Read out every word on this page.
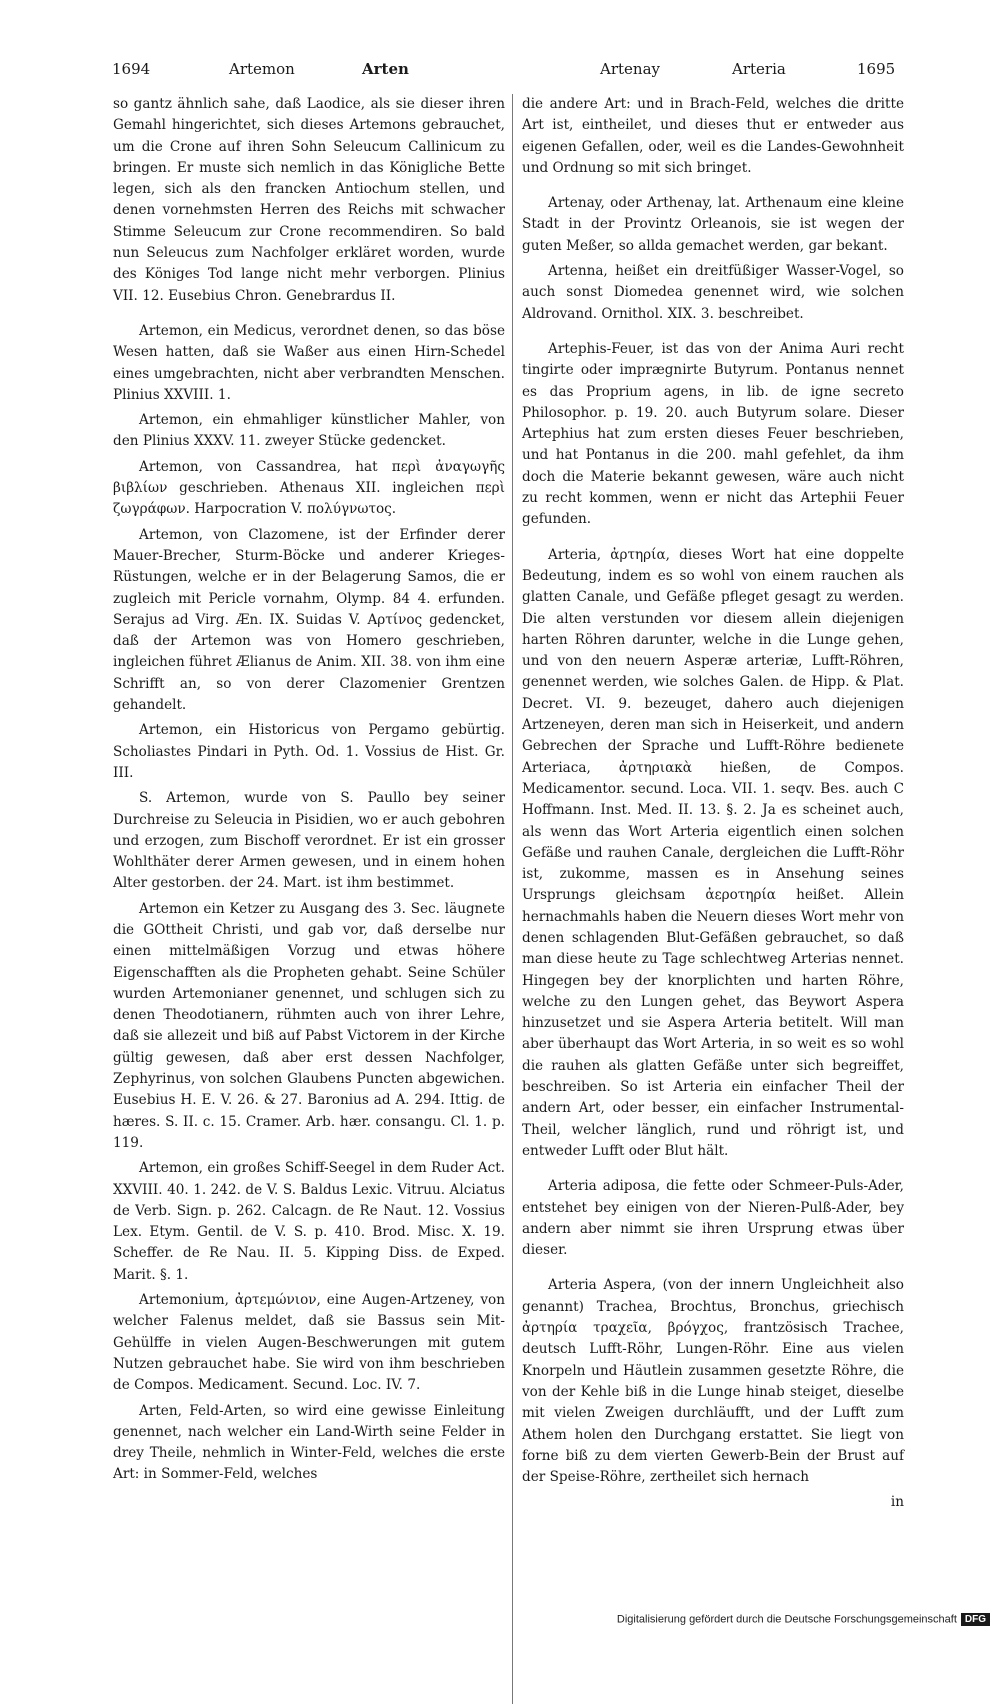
1694	Artemon	Arten	Artenay	Arteria	1695

so gantz ähnlich sahe, daß Laodice, als sie dieser ihren Gemahl hingerichtet, sich dieses Artemons gebrauchet, um die Crone auf ihren Sohn Seleucum Callinicum zu bringen. Er muste sich nemlich in das Königliche Bette legen, sich als den francken Antiochum stellen, und denen vornehmsten Herren des Reichs mit schwacher Stimme Seleucum zur Crone recommendiren. So bald nun Seleucus zum Nachfolger erkläret worden, wurde des Königes Tod lange nicht mehr verborgen. Plinius VII. 12. Eusebius Chron. Genebrardus II.

Artemon, ein Medicus, verordnet denen, so das böse Wesen hatten, daß sie Waßer aus einen Hirn-Schedel eines umgebrachten, nicht aber verbrandten Menschen. Plinius XXVIII. 1.

Artemon, ein ehmahliger künstlicher Mahler, von den Plinius XXXV. 11. zweyer Stücke gedencket.

Artemon, von Cassandrea, hat περὶ ἀναγωγῆς βιβλίων geschrieben. Athenaus XII. ingleichen περὶ ζωγράφων. Harpocration V. πολύγνωτος.

Artemon, von Clazomene, ist der Erfinder derer Mauer-Brecher, Sturm-Böcke und anderer Krieges-Rüstungen, welche er in der Belagerung Samos, die er zugleich mit Pericle vornahm, Olymp. 84 4. erfunden. Serajus ad Virg. Æn. IX. Suidas V. Αρτίνος gedencket, daß der Artemon was von Homero geschrieben, ingleichen führet Ælianus de Anim. XII. 38. von ihm eine Schrifft an, so von derer Clazomenier Grentzen gehandelt.

Artemon, ein Historicus von Pergamo gebürtig. Scholiastes Pindari in Pyth. Od. 1. Vossius de Hist. Gr. III.

S. Artemon, wurde von S. Paullo bey seiner Durchreise zu Seleucia in Pisidien, wo er auch gebohren und erzogen, zum Bischoff verordnet. Er ist ein grosser Wohlthäter derer Armen gewesen, und in einem hohen Alter gestorben. der 24. Mart. ist ihm bestimmet.

Artemon ein Ketzer zu Ausgang des 3. Sec. läugnete die GOttheit Christi, und gab vor, daß derselbe nur einen mittelmäßigen Vorzug und etwas höhere Eigenschafften als die Propheten gehabt. Seine Schüler wurden Artemonianer genennet, und schlugen sich zu denen Theodotianern, rühmten auch von ihrer Lehre, daß sie allezeit und biß auf Pabst Victorem in der Kirche gültig gewesen, daß aber erst dessen Nachfolger, Zephyrinus, von solchen Glaubens Puncten abgewichen. Eusebius H. E. V. 26. & 27. Baronius ad A. 294. Ittig. de hæres. S. II. c. 15. Cramer. Arb. hær. consangu. Cl. 1. p. 119.

Artemon, ein großes Schiff-Seegel in dem Ruder Act. XXVIII. 40. 1. 242. de V. S. Baldus Lexic. Vitruu. Alciatus de Verb. Sign. p. 262. Calcagn. de Re Naut. 12. Vossius Lex. Etym. Gentil. de V. S. p. 410. Brod. Misc. X. 19. Scheffer. de Re Nau. II. 5. Kipping Diss. de Exped. Marit. §. 1.

Artemonium, ἀρτεμώνιον, eine Augen-Artzeney, von welcher Falenus meldet, daß sie Bassus sein Mit-Gehülffe in vielen Augen-Beschwerungen mit gutem Nutzen gebrauchet habe. Sie wird von ihm beschrieben de Compos. Medicament. Secund. Loc. IV. 7.

Arten, Feld-Arten, so wird eine gewisse Einleitung genennet, nach welcher ein Land-Wirth seine Felder in drey Theile, nehmlich in Winter-Feld, welches die erste Art: in Sommer-Feld, welches

die andere Art: und in Brach-Feld, welches die dritte Art ist, eintheilet, und dieses thut er entweder aus eigenen Gefallen, oder, weil es die Landes-Gewohnheit und Ordnung so mit sich bringet.

Artenay, oder Arthenay, lat. Arthenaum eine kleine Stadt in der Provintz Orleanois, sie ist wegen der guten Meßer, so allda gemachet werden, gar bekant.

Artenna, heißet ein dreitfüßiger Wasser-Vogel, so auch sonst Diomedea genennet wird, wie solchen Aldrovand. Ornithol. XIX. 3. beschreibet.

Artephis-Feuer, ist das von der Anima Auri recht tingirte oder imprægnirte Butyrum. Pontanus nennet es das Proprium agens, in lib. de igne secreto Philosophor. p. 19. 20. auch Butyrum solare. Dieser Artephius hat zum ersten dieses Feuer beschrieben, und hat Pontanus in die 200. mahl gefehlet, da ihm doch die Materie bekannt gewesen, wäre auch nicht zu recht kommen, wenn er nicht das Artephii Feuer gefunden.

Arteria, ἀρτηρία, dieses Wort hat eine doppelte Bedeutung, indem es so wohl von einem rauchen als glatten Canale, und Gefäße pfleget gesagt zu werden. Die alten verstunden vor diesem allein diejenigen harten Röhren darunter, welche in die Lunge gehen, und von den neuern Asperæ arteriæ, Lufft-Röhren, genennet werden, wie solches Galen. de Hipp. & Plat. Decret. VI. 9. bezeuget, dahero auch diejenigen Artzeneyen, deren man sich in Heiserkeit, und andern Gebrechen der Sprache und Lufft-Röhre bedienete Arteriaca, ἀρτηριακὰ hießen, de Compos. Medicamentor. secund. Loca. VII. 1. seqv. Bes. auch C Hoffmann. Inst. Med. II. 13. §. 2. Ja es scheinet auch, als wenn das Wort Arteria eigentlich einen solchen Gefäße und rauhen Canale, dergleichen die Lufft-Röhr ist, zukomme, massen es in Ansehung seines Ursprungs gleichsam ἀεροτηρία heißet. Allein hernachmahls haben die Neuern dieses Wort mehr von denen schlagenden Blut-Gefäßen gebrauchet, so daß man diese heute zu Tage schlechtweg Arterias nennet. Hingegen bey der knorplichten und harten Röhre, welche zu den Lungen gehet, das Beywort Aspera hinzusetzet und sie Aspera Arteria betitelt. Will man aber überhaupt das Wort Arteria, in so weit es so wohl die rauhen als glatten Gefäße unter sich begreiffet, beschreiben. So ist Arteria ein einfacher Theil der andern Art, oder besser, ein einfacher Instrumental-Theil, welcher länglich, rund und röhrigt ist, und entweder Lufft oder Blut hält.

Arteria adiposa, die fette oder Schmeer-Puls-Ader, entstehet bey einigen von der Nieren-Pulß-Ader, bey andern aber nimmt sie ihren Ursprung etwas über dieser.

Arteria Aspera, (von der innern Ungleichheit also genannt) Trachea, Brochtus, Bronchus, griechisch ἀρτηρία τραχεῖα, βρόγχος, frantzösisch Trachee, deutsch Lufft-Röhr, Lungen-Röhr. Eine aus vielen Knorpeln und Häutlein zusammen gesetzte Röhre, die von der Kehle biß in die Lunge hinab steiget, dieselbe mit vielen Zweigen durchläufft, und der Lufft zum Athem holen den Durchgang erstattet. Sie liegt von forne biß zu dem vierten Gewerb-Bein der Brust auf der Speise-Röhre, zertheilet sich hernach

in

Digitalisierung gefördert durch die Deutsche Forschungsgemeinschaft DFG
